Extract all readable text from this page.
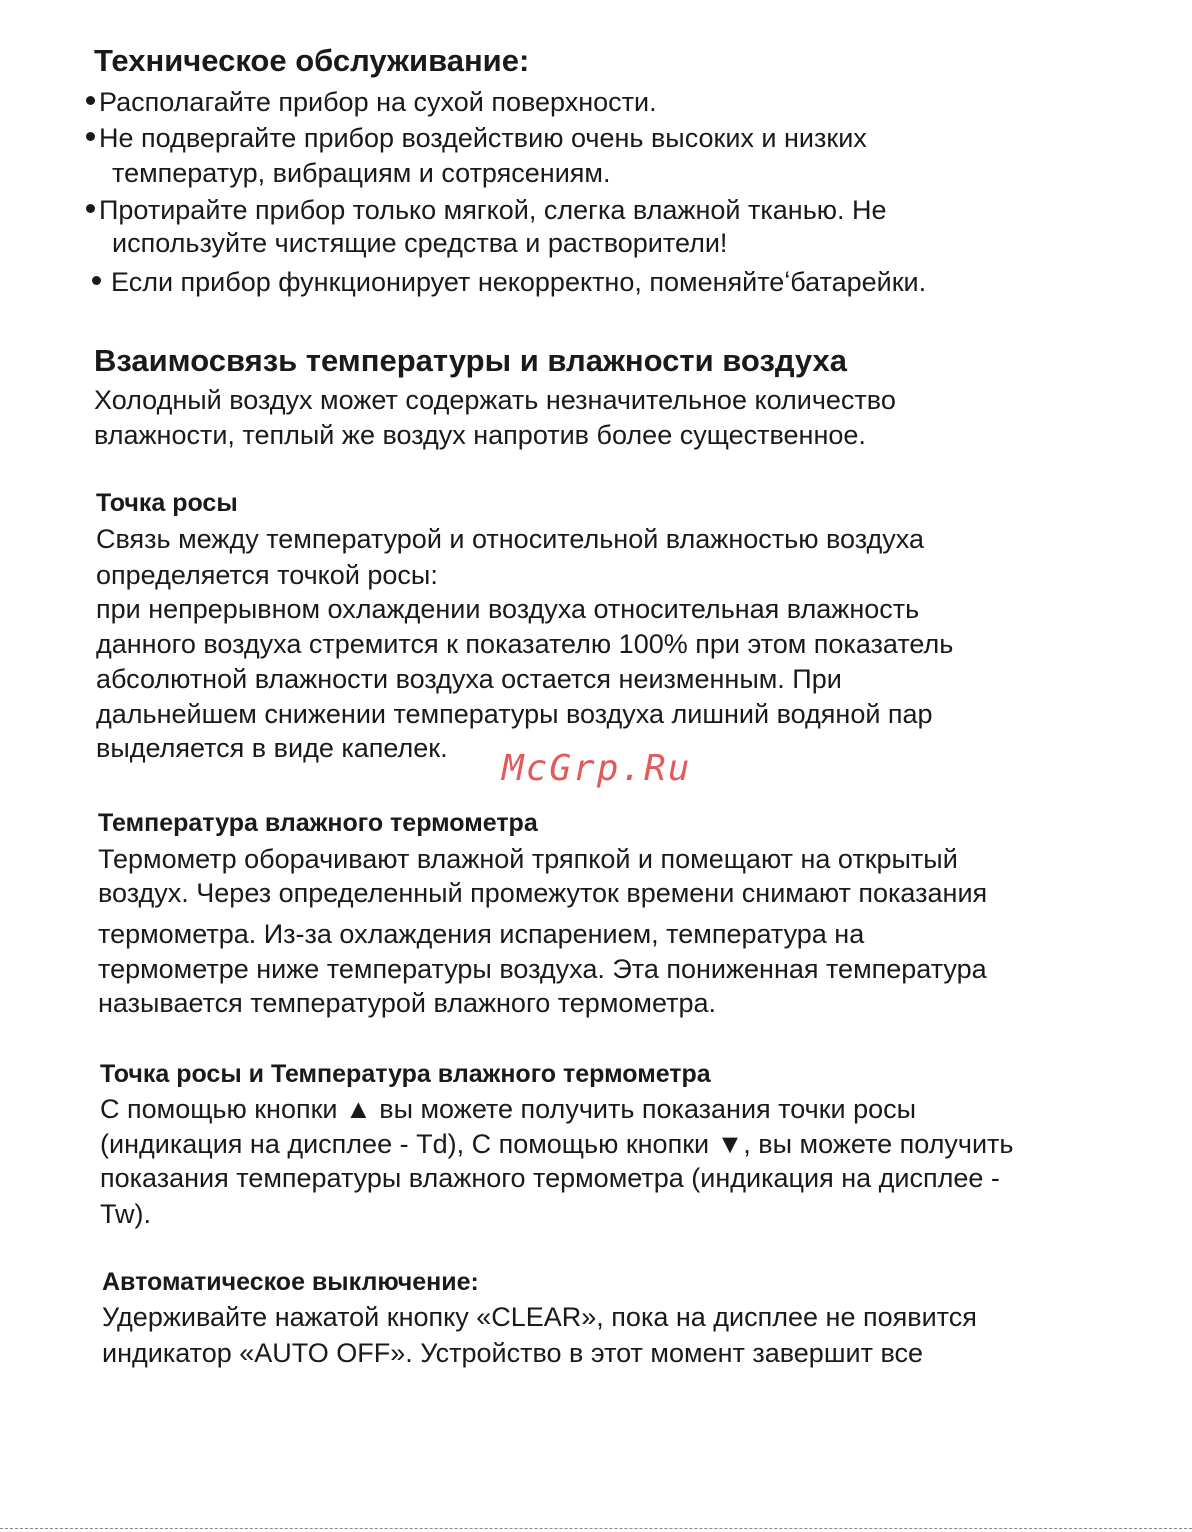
Техническое обслуживание:
Располагайте прибор на сухой поверхности.
Не подвергайте прибор воздействию очень высоких и низких
температур, вибрациям и сотрясениям.
Протирайте прибор только мягкой, слегка влажной тканью. Не
используйте чистящие средства и растворители!
Если прибор функционирует некорректно, поменяйтеʻбатарейки.
Взаимосвязь температуры и влажности воздуха
Холодный воздух может содержать незначительное количество
влажности, теплый же воздух напротив более существенное.
Точка росы
Связь между температурой и относительной влажностью воздуха
определяется точкой росы:
при непрерывном охлаждении воздуха относительная влажность
данного воздуха стремится к показателю 100% при этом показатель
абсолютной влажности воздуха остается неизменным. При
дальнейшем снижении температуры воздуха лишний водяной пар
выделяется в виде капелек. McGrp.Ru
Температура влажного термометра
Термометр оборачивают влажной тряпкой и помещают на открытый
воздух. Через определенный промежуток времени снимают показания
термометра. Из-за охлаждения испарением, температура на
термометре ниже температуры воздуха. Эта пониженная температура
называется температурой влажного термометра.
Точка росы и Температура влажного термометра
С помощью кнопки ▲ вы можете получить показания точки росы
(индикация на дисплее - Td), С помощью кнопки ▼, вы можете получить
показания температуры влажного термометра (индикация на дисплее -
Tw).
Автоматическое выключение:
Удерживайте нажатой кнопку «CLEAR», пока на дисплее не появится
индикатор «AUTO OFF». Устройство в этот момент завершит все
